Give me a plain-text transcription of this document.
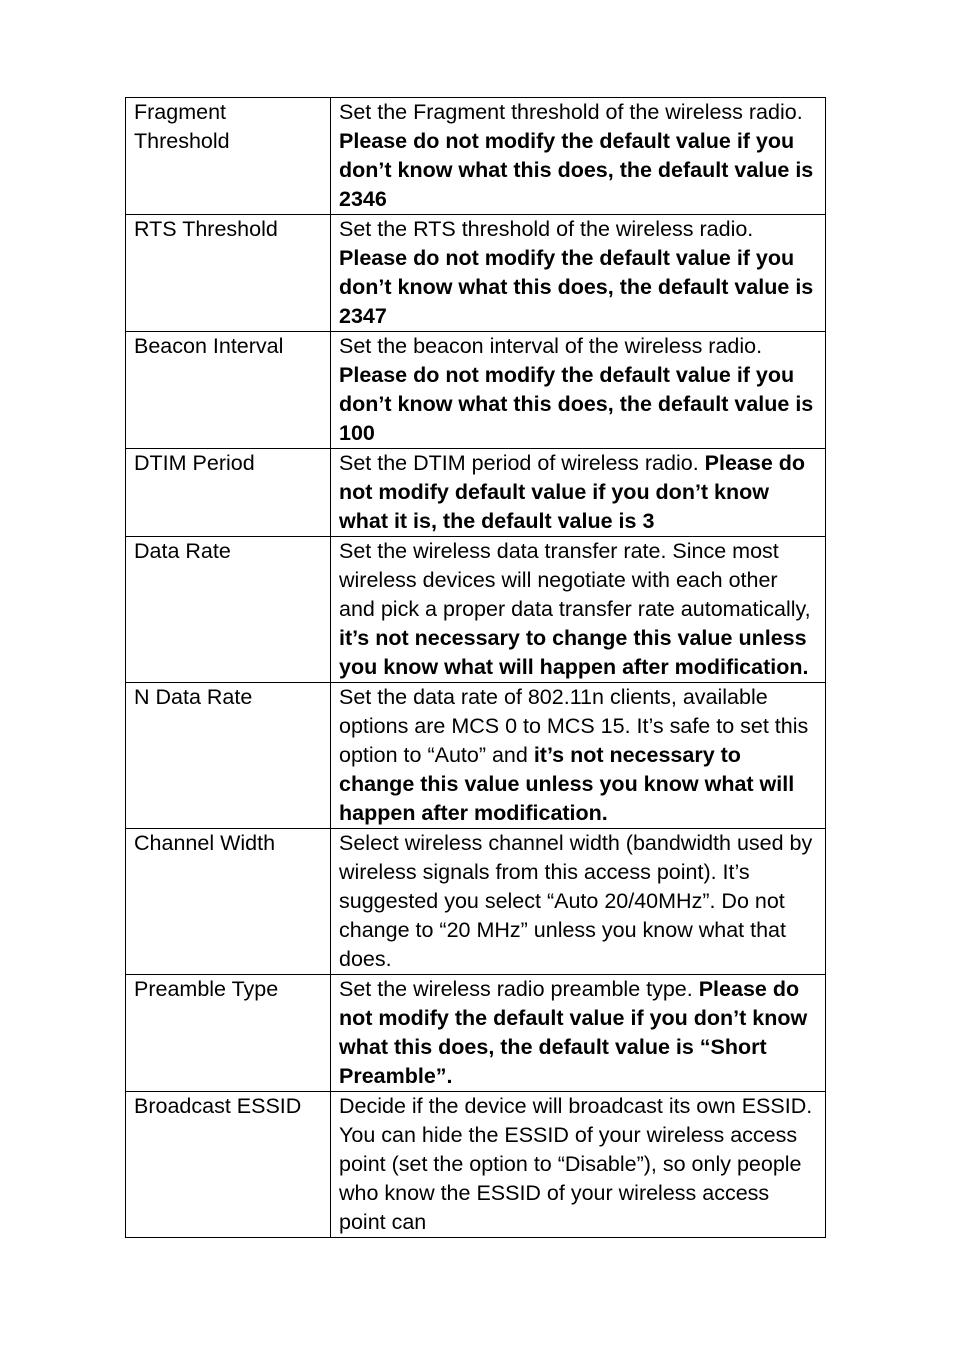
Fragment Threshold	Set the Fragment threshold of the wireless radio. Please do not modify the default value if you don’t know what this does, the default value is 2346
RTS Threshold	Set the RTS threshold of the wireless radio. Please do not modify the default value if you don’t know what this does, the default value is 2347
Beacon Interval	Set the beacon interval of the wireless radio. Please do not modify the default value if you don’t know what this does, the default value is 100
DTIM Period	Set the DTIM period of wireless radio. Please do not modify default value if you don’t know what it is, the default value is 3
Data Rate	Set the wireless data transfer rate. Since most wireless devices will negotiate with each other and pick a proper data transfer rate automatically, it’s not necessary to change this value unless you know what will happen after modification.
N Data Rate	Set the data rate of 802.11n clients, available options are MCS 0 to MCS 15. It’s safe to set this option to “Auto” and it’s not necessary to change this value unless you know what will happen after modification.
Channel Width	Select wireless channel width (bandwidth used by wireless signals from this access point). It’s suggested you select “Auto 20/40MHz”. Do not change to “20 MHz” unless you know what that does.
Preamble Type	Set the wireless radio preamble type. Please do not modify the default value if you don’t know what this does, the default value is “Short Preamble”.
Broadcast ESSID	Decide if the device will broadcast its own ESSID. You can hide the ESSID of your wireless access point (set the option to “Disable”), so only people who know the ESSID of your wireless access point can
